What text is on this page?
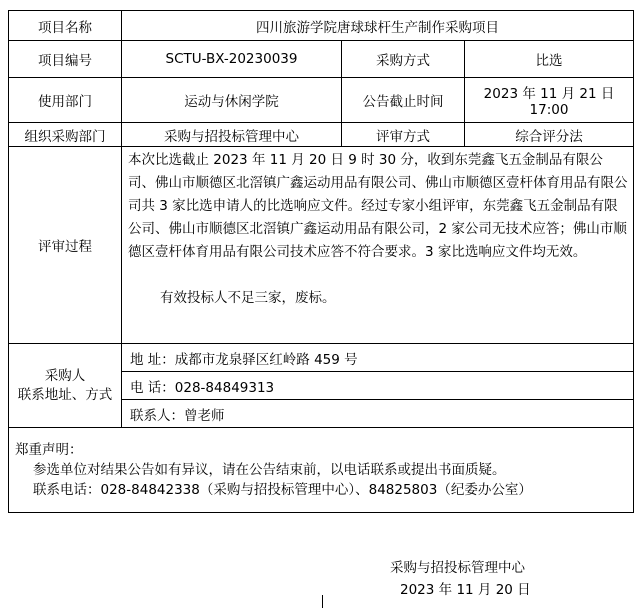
项目名称	四川旅游学院唐球球杆生产制作采购项目		
项目编号	SCTU-BX-20230039	采购方式	比选
使用部门	运动与休闲学院	公告截止时间	2023 年 11 月 21 日
17:00

组织采购部门	采购与招投标管理中心	评审方式	综合评分法
评审过程	本次比选截止 2023 年 11 月 20 日 9 时 30 分，收到东莞鑫飞五金制品有限公司、佛山市顺德区北滘镇广鑫运动用品有限公司、佛山市顺德区壹杆体育用品有限公司共 3 家比选申请人的比选响应文件。经过专家小组评审，东莞鑫飞五金制品有限公司、佛山市顺德区北滘镇广鑫运动用品有限公司，2 家公司无技术应答；佛山市顺德区壹杆体育用品有限公司技术应答不符合要求。3 家比选响应文件均无效。
有效投标人不足三家，废标。		

采购人
联系地址、方式	地 址：成都市龙泉驿区红岭路 459 号		
	电 话：028-84849313		
	联系人：曾老师		

郑重声明：
参选单位对结果公告如有异议，请在公告结束前，以电话联系或提出书面质疑。
联系电话：028-84842338（采购与招投标管理中心）、84825803（纪委办公室）			
采购与招投标管理中心
2023 年 11 月 20 日
